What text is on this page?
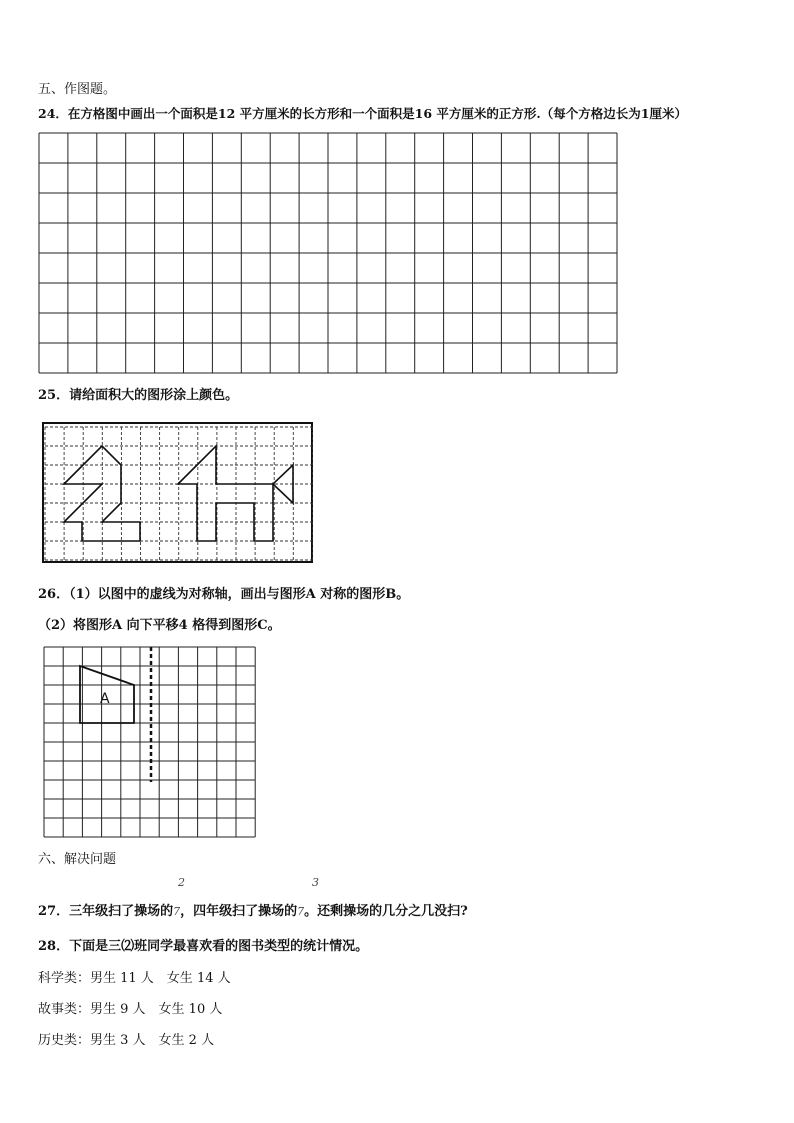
五、作图题。
24．在方格图中画出一个面积是12 平方厘米的长方形和一个面积是16 平方厘米的正方形.（每个方格边长为1厘米）
25．请给面积大的图形涂上颜色。
26．（1）以图中的虚线为对称轴，画出与图形A 对称的图形B。
（2）将图形A 向下平移4 格得到图形C。
A
六、解决问题
2	3
27．三年级扫了操场的7，四年级扫了操场的7。还剩操场的几分之几没扫?
28．下面是三⑵班同学最喜欢看的图书类型的统计情况。
科学类：男生 11 人　女生 14 人
故事类：男生 9 人　女生 10 人
历史类：男生 3 人　女生 2 人
